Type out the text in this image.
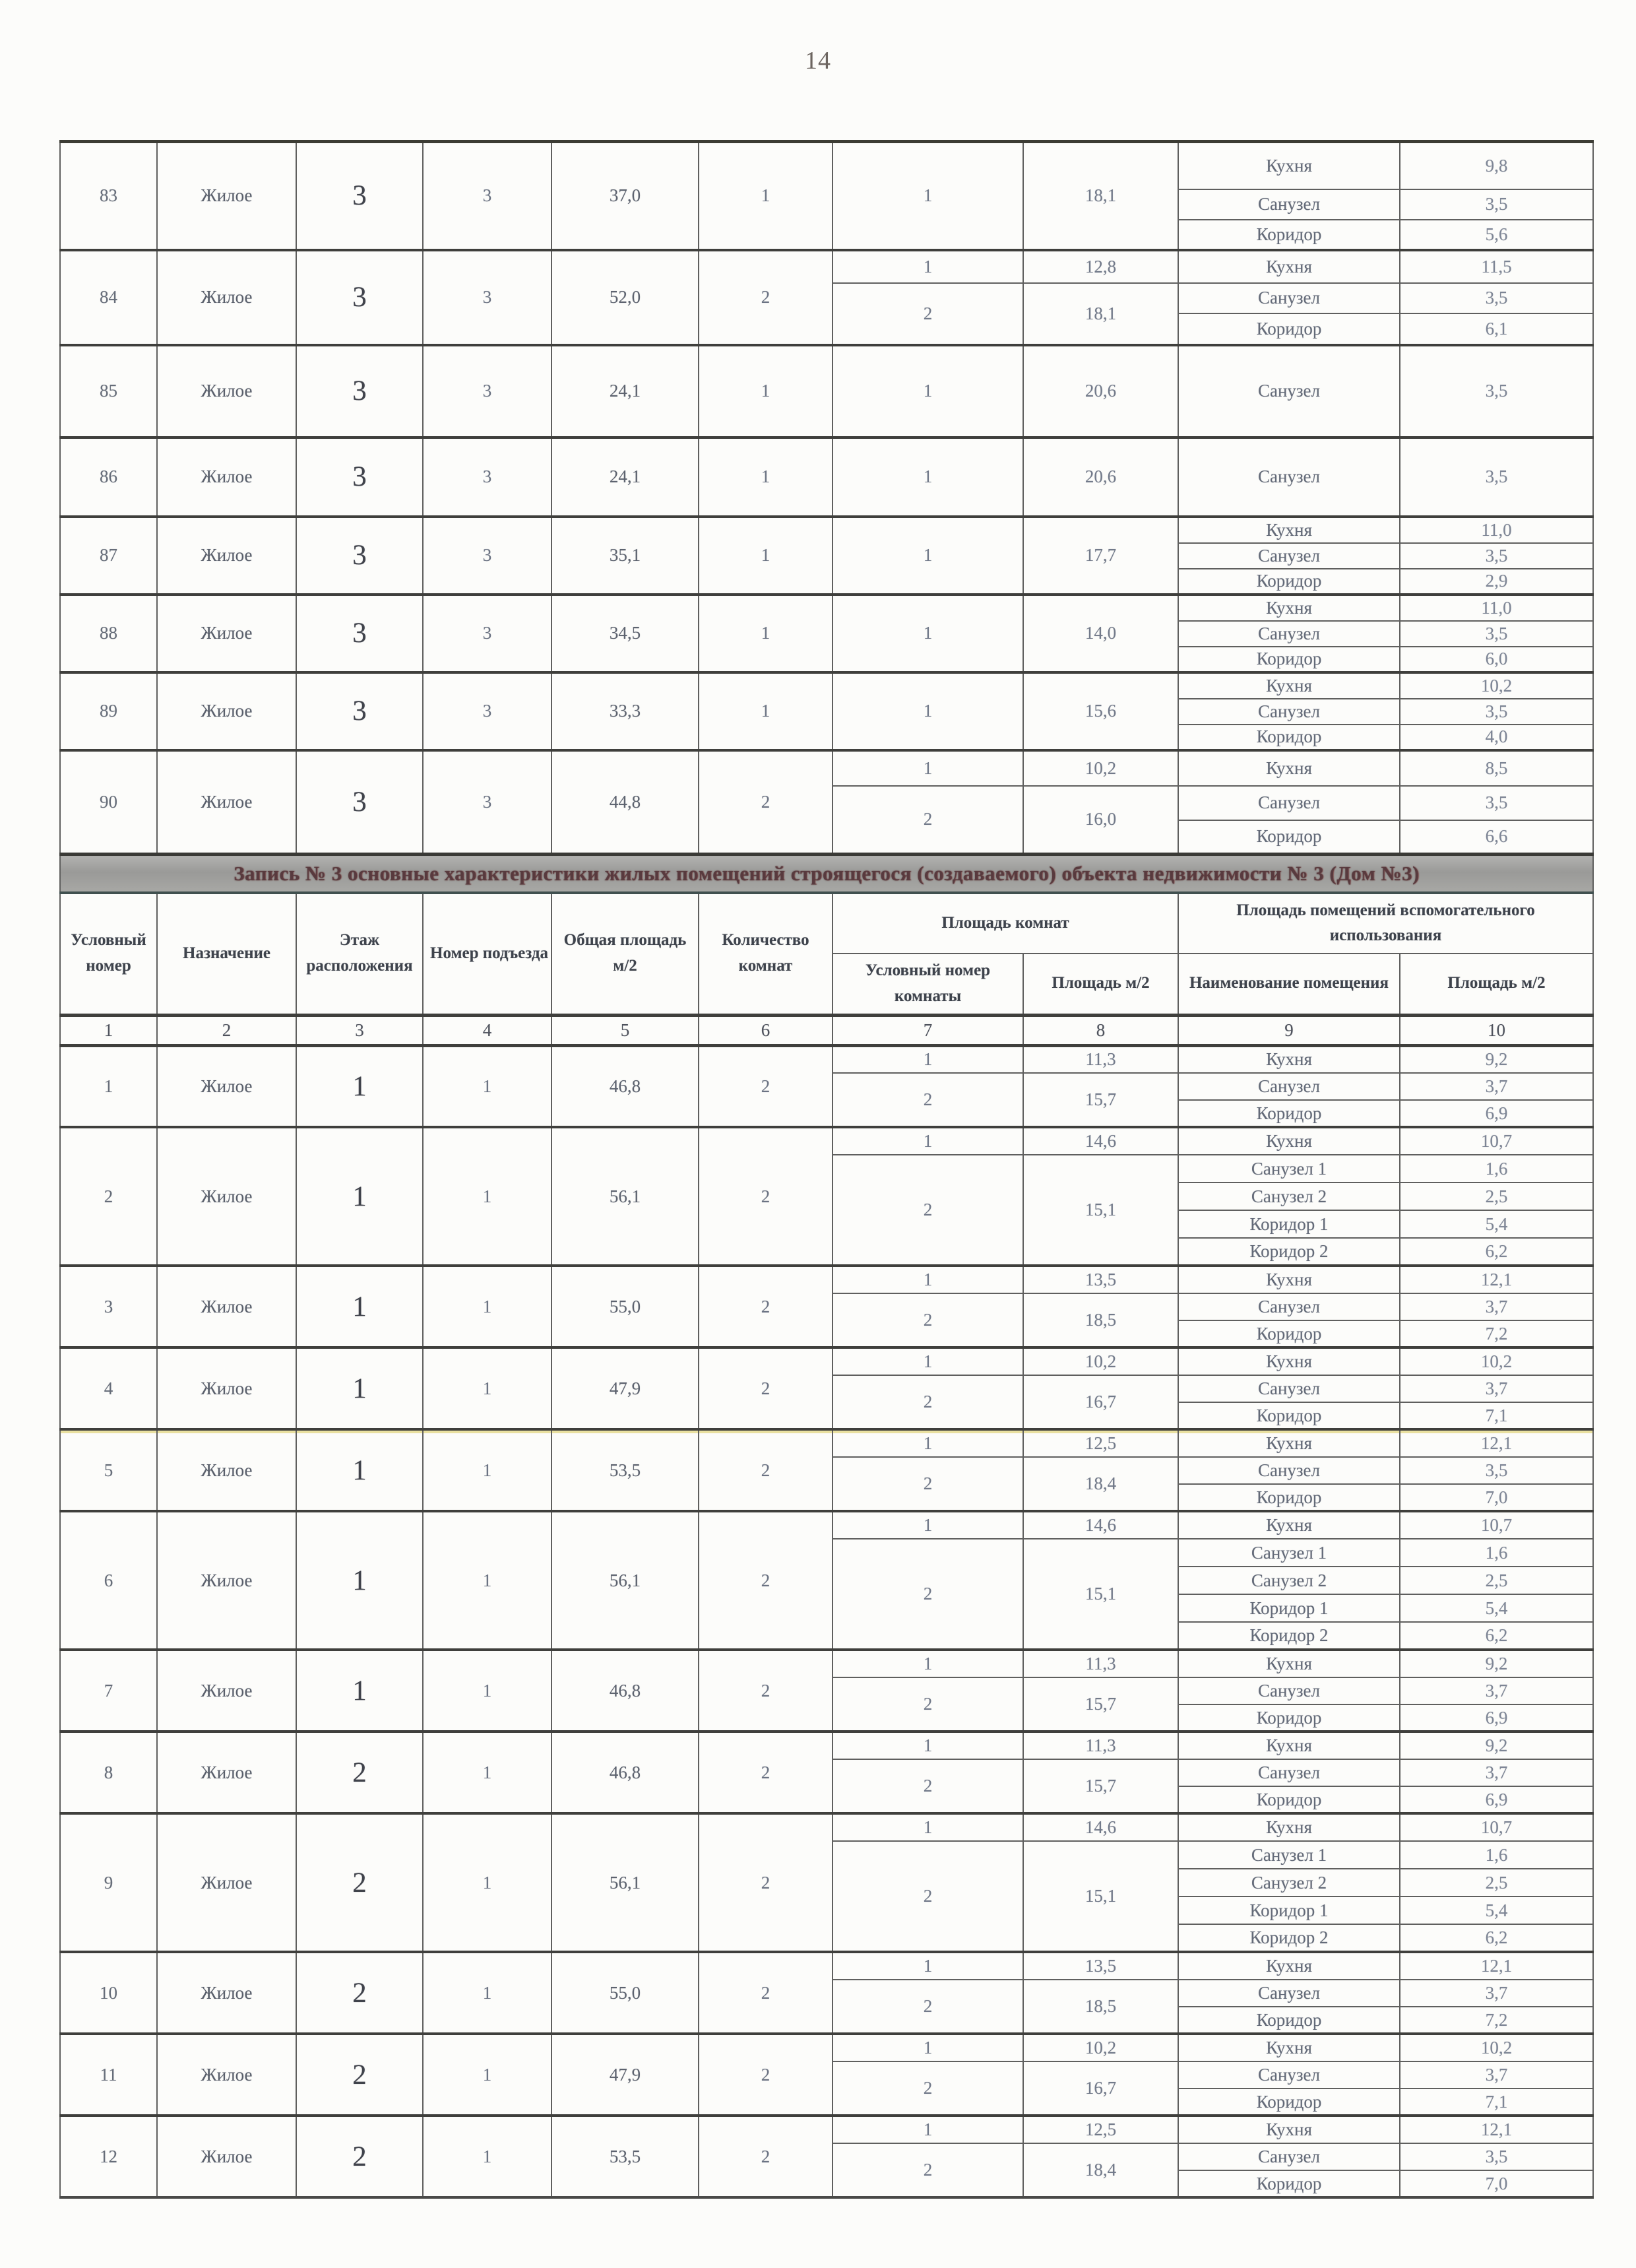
14
83	Жилое	3	3	37,0	1	1	18,1	Кухня	9,8
								Санузел	3,5
								Коридор	5,6
84	Жилое	3	3	52,0	2	1	12,8	Кухня	11,5
						2	18,1	Санузел	3,5
								Коридор	6,1
85	Жилое	3	3	24,1	1	1	20,6	Санузел	3,5
86	Жилое	3	3	24,1	1	1	20,6	Санузел	3,5
87	Жилое	3	3	35,1	1	1	17,7	Кухня	11,0
								Санузел	3,5
								Коридор	2,9
88	Жилое	3	3	34,5	1	1	14,0	Кухня	11,0
								Санузел	3,5
								Коридор	6,0
89	Жилое	3	3	33,3	1	1	15,6	Кухня	10,2
								Санузел	3,5
								Коридор	4,0
90	Жилое	3	3	44,8	2	1	10,2	Кухня	8,5
						2	16,0	Санузел	3,5
								Коридор	6,6
Запись № 3 основные характеристики жилых помещений строящегося (создаваемого) объекта недвижимости № 3 (Дом №3)									
Условный номер	Назначение	Этаж расположения	Номер подъезда	Общая площадь м/2	Количество комнат	Площадь комнат		Площадь помещений вспомогательного использования	
						Условный номер комнаты	Площадь м/2	Наименование помещения	Площадь м/2
1	2	3	4	5	6	7	8	9	10
1	Жилое	1	1	46,8	2	1	11,3	Кухня	9,2
						2	15,7	Санузел	3,7
								Коридор	6,9
2	Жилое	1	1	56,1	2	1	14,6	Кухня	10,7
						2	15,1	Санузел 1	1,6
								Санузел 2	2,5
								Коридор 1	5,4
								Коридор 2	6,2
3	Жилое	1	1	55,0	2	1	13,5	Кухня	12,1
						2	18,5	Санузел	3,7
								Коридор	7,2
4	Жилое	1	1	47,9	2	1	10,2	Кухня	10,2
						2	16,7	Санузел	3,7
								Коридор	7,1
5	Жилое	1	1	53,5	2	1	12,5	Кухня	12,1
						2	18,4	Санузел	3,5
								Коридор	7,0
6	Жилое	1	1	56,1	2	1	14,6	Кухня	10,7
						2	15,1	Санузел 1	1,6
								Санузел 2	2,5
								Коридор 1	5,4
								Коридор 2	6,2
7	Жилое	1	1	46,8	2	1	11,3	Кухня	9,2
						2	15,7	Санузел	3,7
								Коридор	6,9
8	Жилое	2	1	46,8	2	1	11,3	Кухня	9,2
						2	15,7	Санузел	3,7
								Коридор	6,9
9	Жилое	2	1	56,1	2	1	14,6	Кухня	10,7
						2	15,1	Санузел 1	1,6
								Санузел 2	2,5
								Коридор 1	5,4
								Коридор 2	6,2
10	Жилое	2	1	55,0	2	1	13,5	Кухня	12,1
						2	18,5	Санузел	3,7
								Коридор	7,2
11	Жилое	2	1	47,9	2	1	10,2	Кухня	10,2
						2	16,7	Санузел	3,7
								Коридор	7,1
12	Жилое	2	1	53,5	2	1	12,5	Кухня	12,1
						2	18,4	Санузел	3,5
								Коридор	7,0
